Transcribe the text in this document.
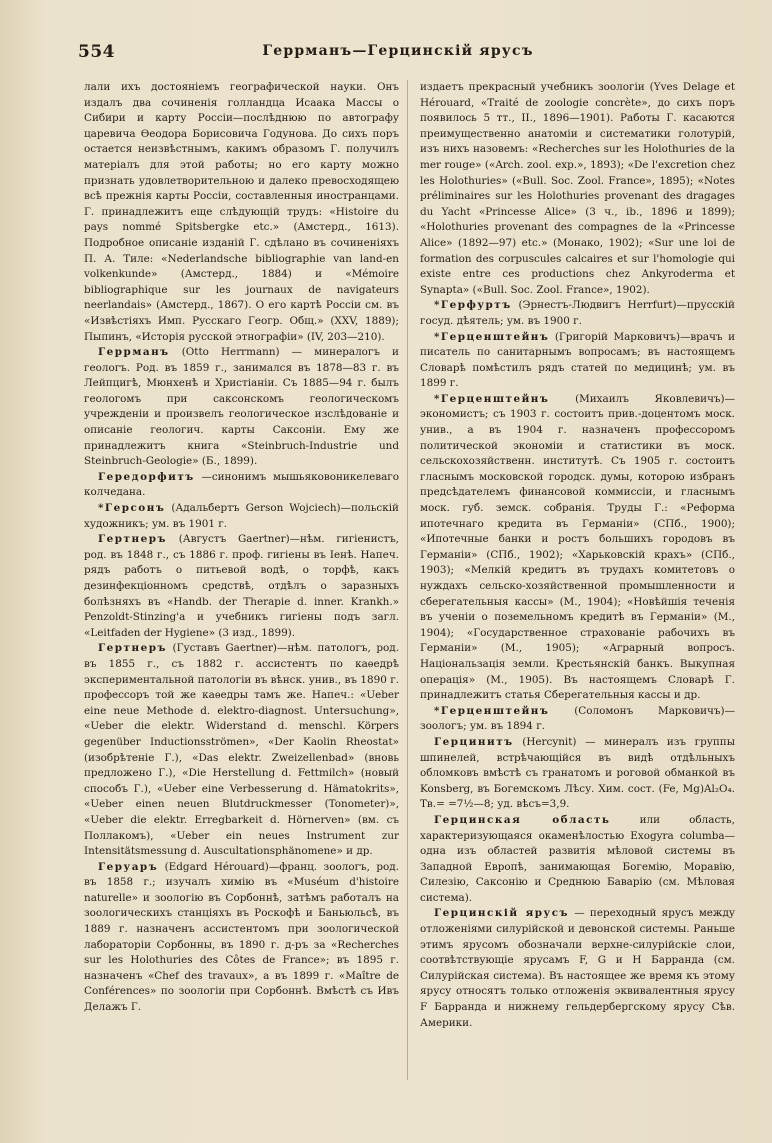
554	Геррманъ—Герцинскій ярусъ

лали ихъ достояніемъ географической науки. Онъ издалъ два сочиненія голландца Исаака Массы о Сибири и карту Россіи—послѣднюю по автографу царевича Өеодора Борисовича Годунова. До сихъ поръ остается неизвѣстнымъ, какимъ образомъ Г. получилъ матеріалъ для этой работы; но его карту можно признать удовлетворительною и далеко превосходящею всѣ прежнія карты Россіи, составленныя иностранцами. Г. принадлежитъ еще слѣдующій трудъ: «Histoire du pays nommé Spitsbergke etc.» (Амстерд., 1613). Подробное описаніе изданій Г. сдѣлано въ сочиненіяхъ П. А. Тиле: «Nederlandsche bibliographie van land-en volkenkunde» (Амстерд., 1884) и «Mémoire bibliographique sur les journaux de navigateurs neerlandais» (Амстерд., 1867). О его картѣ Россіи см. въ «Извѣстіяхъ Имп. Русскаго Геогр. Общ.» (XXV, 1889); Пыпинъ, «Исторія русской этнографіи» (IV, 203—210).

Геррманъ (Otto Herrmann) — минералогъ и геологъ. Род. въ 1859 г., занимался въ 1878—83 г. въ Лейпцигѣ, Мюнхенѣ и Христіаніи. Съ 1885—94 г. былъ геологомъ при саксонскомъ геологическомъ учрежденіи и произвелъ геологическое изслѣдованіе и описаніе геологич. карты Саксоніи. Ему же принадлежитъ книга «Steinbruch-Industrie und Steinbruch-Geologie» (Б., 1899).

Гередорфитъ —синонимъ мышьяковоникелеваго колчедана.

*Герсонъ (Адальбертъ Gerson Wojciech)—польскій художникъ; ум. въ 1901 г.

Гертнеръ (Августъ Gaertner)—нѣм. гигіенистъ, род. въ 1848 г., съ 1886 г. проф. гигіены въ Іенѣ. Напеч. рядъ работъ о питьевой водѣ, о торфѣ, какъ дезинфекціонномъ средствѣ, отдѣлъ о заразныхъ болѣзняхъ въ «Handb. der Therapie d. inner. Krankh.» Penzoldt-Stinzing'a и учебникъ гигіены подъ загл. «Leitfaden der Hygiene» (3 изд., 1899).

Гертнеръ (Густавъ Gaertner)—нѣм. патологъ, род. въ 1855 г., съ 1882 г. ассистентъ по каѳедрѣ экспериментальной патологіи въ вѣнск. унив., въ 1890 г. профессоръ той же каѳедры тамъ же. Напеч.: «Ueber eine neue Methode d. elektro-diagnost. Untersuchung», «Ueber die elektr. Widerstand d. menschl. Körpers gegenüber Inductionsströmen», «Der Kaolin Rheostat» (изобрѣтеніе Г.), «Das elektr. Zweizellenbad» (вновь предложено Г.), «Die Herstellung d. Fettmilch» (новый способъ Г.), «Ueber eine Verbesserung d. Hämatokrits», «Ueber einen neuen Blutdruckmesser (Tonometer)», «Ueber die elektr. Erregbarkeit d. Hörnerven» (вм. съ Поллакомъ), «Ueber ein neues Instrument zur Intensitätsmessung d. Auscultationsphänomene» и др.

Геруаръ (Edgard Hérouard)—франц. зоологъ, род. въ 1858 г.; изучалъ химію въ «Muséum d'histoire naturelle» и зоологію въ Сорбоннѣ, затѣмъ работалъ на зоологическихъ станціяхъ въ Роскофѣ и Баньюльсѣ, въ 1889 г. назначенъ ассистентомъ при зоологической лабораторіи Сорбонны, въ 1890 г. д-ръ за «Recherches sur les Holothuries des Côtes de France»; въ 1895 г. назначенъ «Chef des travaux», а въ 1899 г. «Maître de Conférences» по зоологіи при Сорбоннѣ. Вмѣстѣ съ Ивъ Делажъ Г.

издаетъ прекрасный учебникъ зоологіи (Yves Delage et Hérouard, «Traité de zoologie concrète», до сихъ поръ появилось 5 тт., II., 1896—1901). Работы Г. касаются преимущественно анатоміи и систематики голотурій, изъ нихъ назовемъ: «Recherches sur les Holothuries de la mer rouge» («Arch. zool. exp.», 1893); «De l'excretion chez les Holothuries» («Bull. Soc. Zool. France», 1895); «Notes préliminaires sur les Holothuries provenant des dragages du Yacht «Princesse Alice» (3 ч., ib., 1896 и 1899); «Holothuries provenant des compagnes de la «Princesse Alice» (1892—97) etc.» (Монако, 1902); «Sur une loi de formation des corpuscules calcaires et sur l'homologie qui existe entre ces productions chez Ankyroderma et Synapta» («Bull. Soc. Zool. France», 1902).

*Герфуртъ (Эрнестъ-Людвигъ Herrfurt)—прусскій госуд. дѣятель; ум. въ 1900 г.

*Герценштейнъ (Григорій Марковичъ)—врачъ и писатель по санитарнымъ вопросамъ; въ настоящемъ Словарѣ помѣстилъ рядъ статей по медицинѣ; ум. въ 1899 г.

*Герценштейнъ (Михаилъ Яковлевичъ)—экономистъ; съ 1903 г. состоитъ прив.-доцентомъ моск. унив., а въ 1904 г. назначенъ профессоромъ политической экономіи и статистики въ моск. сельскохозяйственн. институтѣ. Съ 1905 г. состоитъ гласнымъ московской городск. думы, которою избранъ предсѣдателемъ финансовой коммиссіи, и гласнымъ моск. губ. земск. собранія. Труды Г.: «Реформа ипотечнаго кредита въ Германіи» (СПб., 1900); «Ипотечные банки и ростъ большихъ городовъ въ Германіи» (СПб., 1902); «Харьковскій крахъ» (СПб., 1903); «Мелкій кредитъ въ трудахъ комитетовъ о нуждахъ сельско-хозяйственной промышленности и сберегательныя кассы» (М., 1904); «Новѣйшія теченія въ ученіи о поземельномъ кредитѣ въ Германіи» (М., 1904); «Государственное страхованіе рабочихъ въ Германіи» (М., 1905); «Аграрный вопросъ. Національзація земли. Крестьянскій банкъ. Выкупная операція» (М., 1905). Въ настоящемъ Словарѣ Г. принадлежитъ статья Сберегательныя кассы и др.

*Герценштейнъ (Соломонъ Марковичъ)—зоологъ; ум. въ 1894 г.

Герцинитъ (Hercynit) — минералъ изъ группы шпинелей, встрѣчающійся въ видѣ отдѣльныхъ обломковъ вмѣстѣ съ гранатомъ и роговой обманкой въ Konsberg, въ Богемскомъ Лѣсу. Хим. сост. (Fe, Mg)Al₂O₄. Тв.= =7½—8; уд. вѣсъ=3,9.

Герцинская область	или область, характеризующаяся окаменѣлостью Exogyra columba—одна изъ областей развитія мѣловой системы въ Западной Европѣ, занимающая Богемію, Моравію, Силезію, Саксонію и Среднюю Баварію (см. Мѣловая система).

Герцинскій ярусъ — переходный ярусъ между отложеніями силурійской и девонской системы. Раньше этимъ ярусомъ обозначали верхне-силурійскіе слои, соотвѣтствующіе ярусамъ F, G и H Барранда (см. Силурійская система). Въ настоящее же время къ этому ярусу относятъ только отложенія эквивалентныя ярусу F Барранда и нижнему гельдербергскому ярусу Сѣв. Америки.
